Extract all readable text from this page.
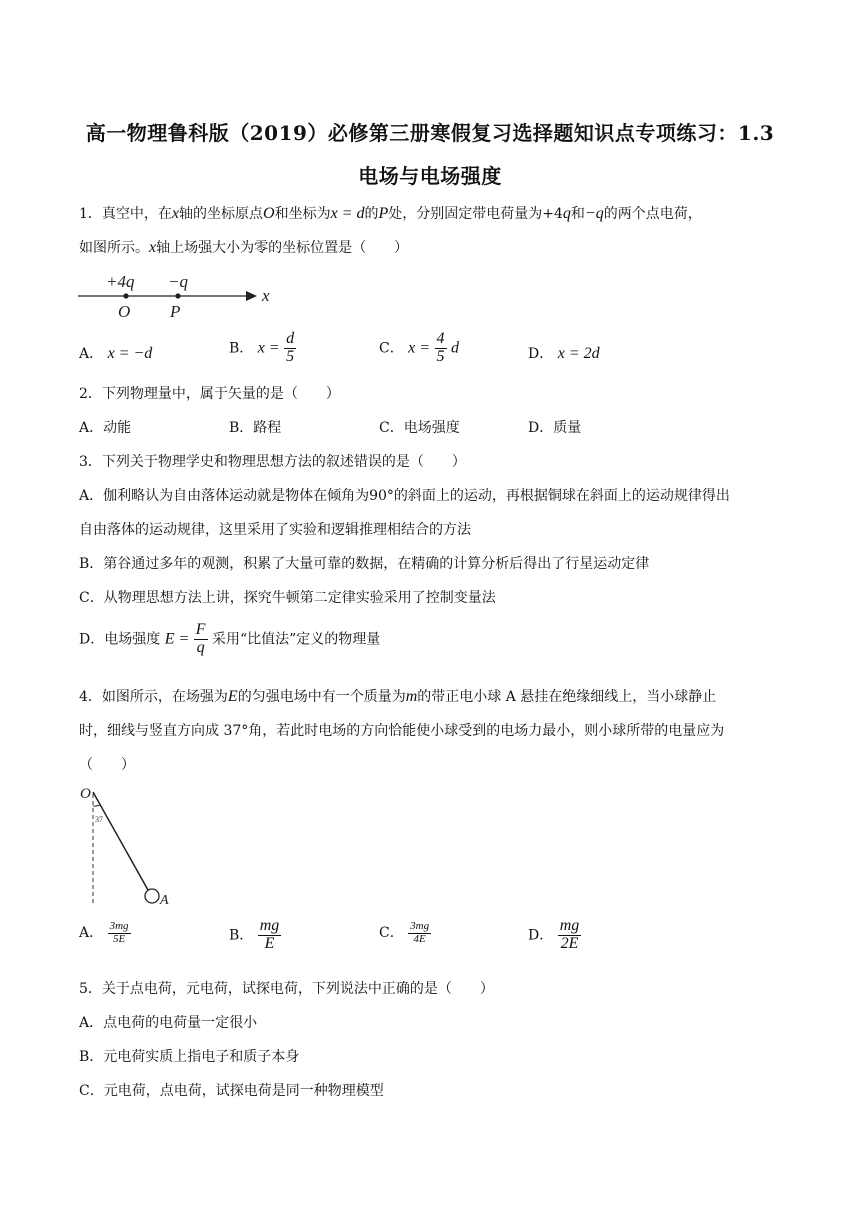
高一物理鲁科版（2019）必修第三册寒假复习选择题知识点专项练习：1.3
电场与电场强度
1．真空中，在x轴的坐标原点O和坐标为x = d的P处，分别固定带电荷量为+4q和−q的两个点电荷，
如图所示。x轴上场强大小为零的坐标位置是（　　）
+4q −q
O P
x
A． x = −d	B． $x = \frac{d}{5}$	C． $x = \frac{4}{5}$ d	D． x = 2d
2．下列物理量中，属于矢量的是（　　）
A．动能	B．路程	C．电场强度	D．质量
3．下列关于物理学史和物理思想方法的叙述错误的是（　　）
A．伽利略认为自由落体运动就是物体在倾角为90°的斜面上的运动，再根据铜球在斜面上的运动规律得出
自由落体的运动规律，这里采用了实验和逻辑推理相结合的方法
B．第谷通过多年的观测，积累了大量可靠的数据，在精确的计算分析后得出了行星运动定律
C．从物理思想方法上讲，探究牛顿第二定律实验采用了控制变量法
D．电场强度 $E = \frac{F}{q}$ 采用“比值法”定义的物理量
4．如图所示，在场强为E的匀强电场中有一个质量为m的带正电小球 A 悬挂在绝缘细线上，当小球静止
时，细线与竖直方向成 37°角，若此时电场的方向恰能使小球受到的电场力最小，则小球所带的电量应为
（　　）
O
37
A
A． $\frac{3mg}{5E}$	B． $\frac{mg}{E}$	C． $\frac{3mg}{4E}$	D． $\frac{mg}{2E}$
5．关于点电荷，元电荷，试探电荷，下列说法中正确的是（　　）
A．点电荷的电荷量一定很小
B．元电荷实质上指电子和质子本身
C．元电荷，点电荷，试探电荷是同一种物理模型
